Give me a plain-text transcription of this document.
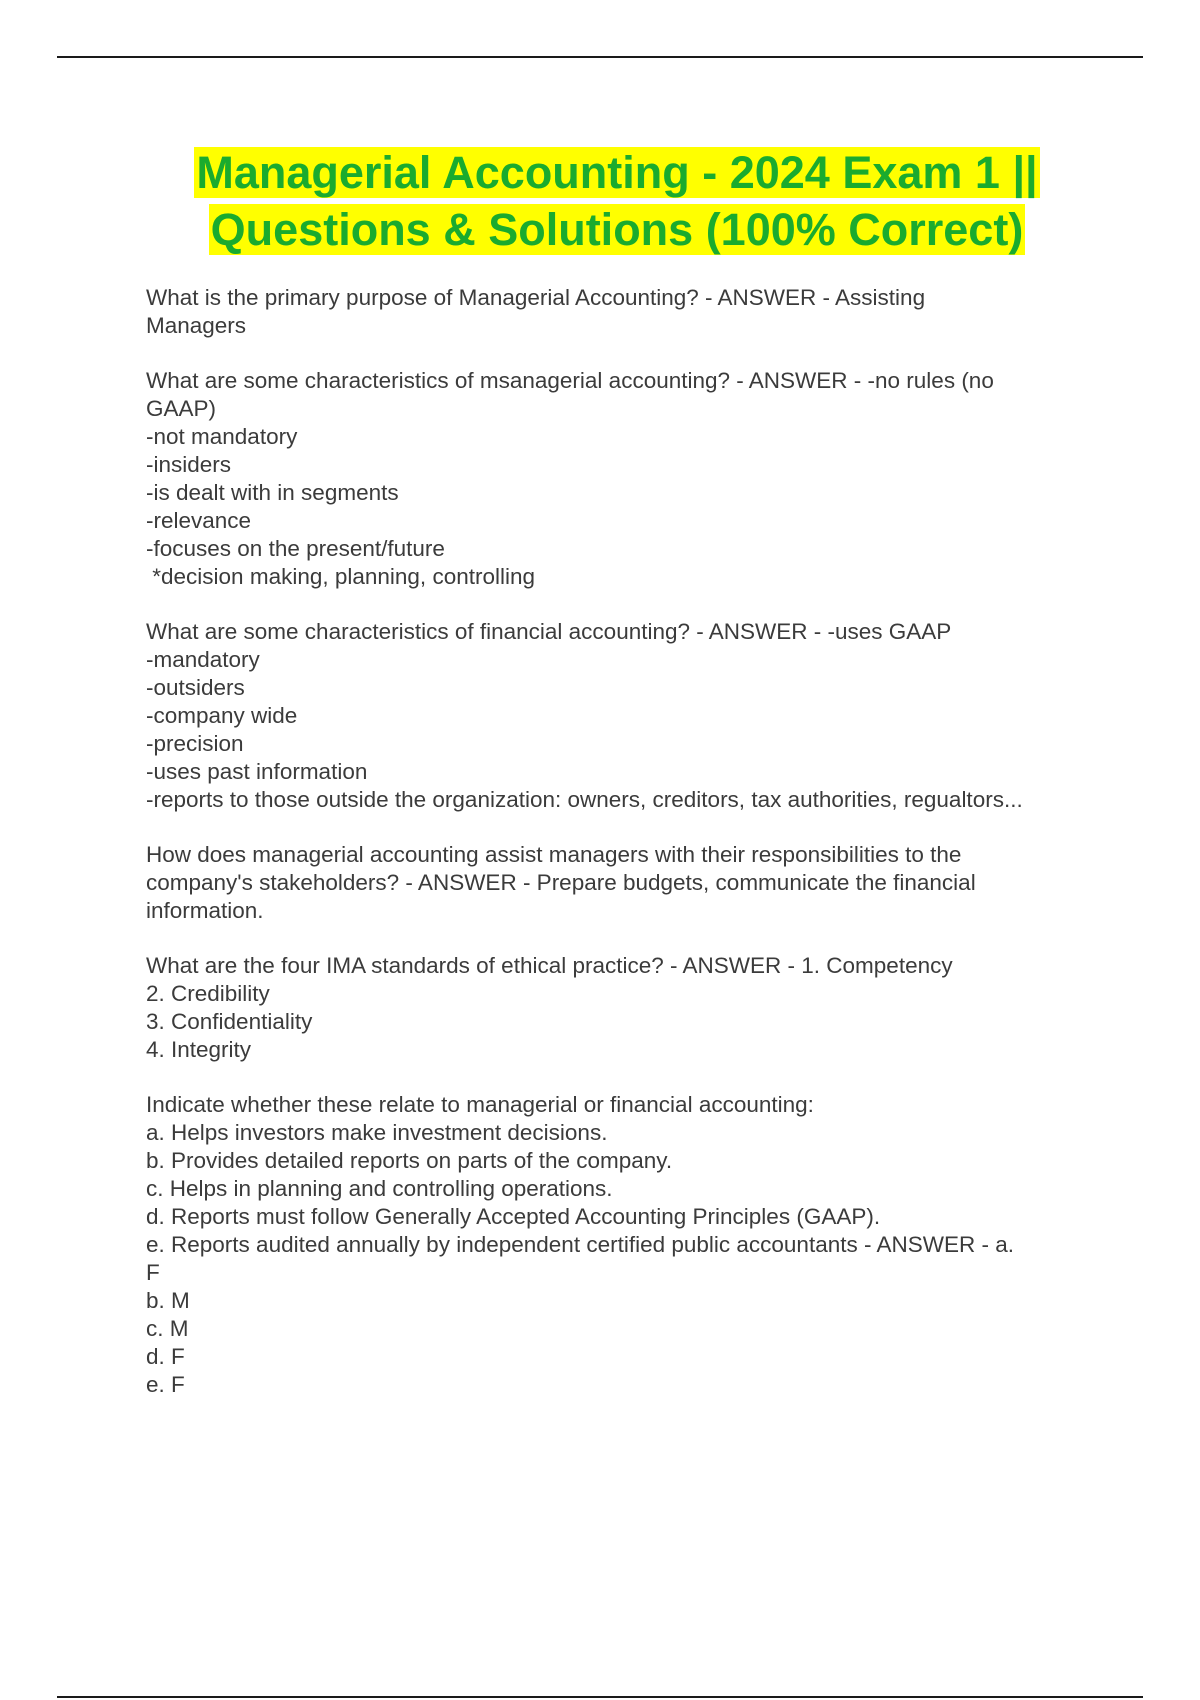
Managerial Accounting - 2024 Exam 1 ||
Questions & Solutions (100% Correct)

What is the primary purpose of Managerial Accounting? - ANSWER - Assisting

Managers

What are some characteristics of msanagerial accounting? - ANSWER - -no rules (no

GAAP)

-not mandatory

-insiders

-is dealt with in segments

-relevance

-focuses on the present/future

*decision making, planning, controlling

What are some characteristics of financial accounting? - ANSWER - -uses GAAP

-mandatory

-outsiders

-company wide

-precision

-uses past information

-reports to those outside the organization: owners, creditors, tax authorities, regualtors...

How does managerial accounting assist managers with their responsibilities to the

company's stakeholders? - ANSWER - Prepare budgets, communicate the financial

information.

What are the four IMA standards of ethical practice? - ANSWER - 1. Competency

2. Credibility

3. Confidentiality

4. Integrity

Indicate whether these relate to managerial or financial accounting:

a. Helps investors make investment decisions.

b. Provides detailed reports on parts of the company.

c. Helps in planning and controlling operations.

d. Reports must follow Generally Accepted Accounting Principles (GAAP).

e. Reports audited annually by independent certified public accountants - ANSWER - a.

F

b. M

c. M

d. F

e. F
